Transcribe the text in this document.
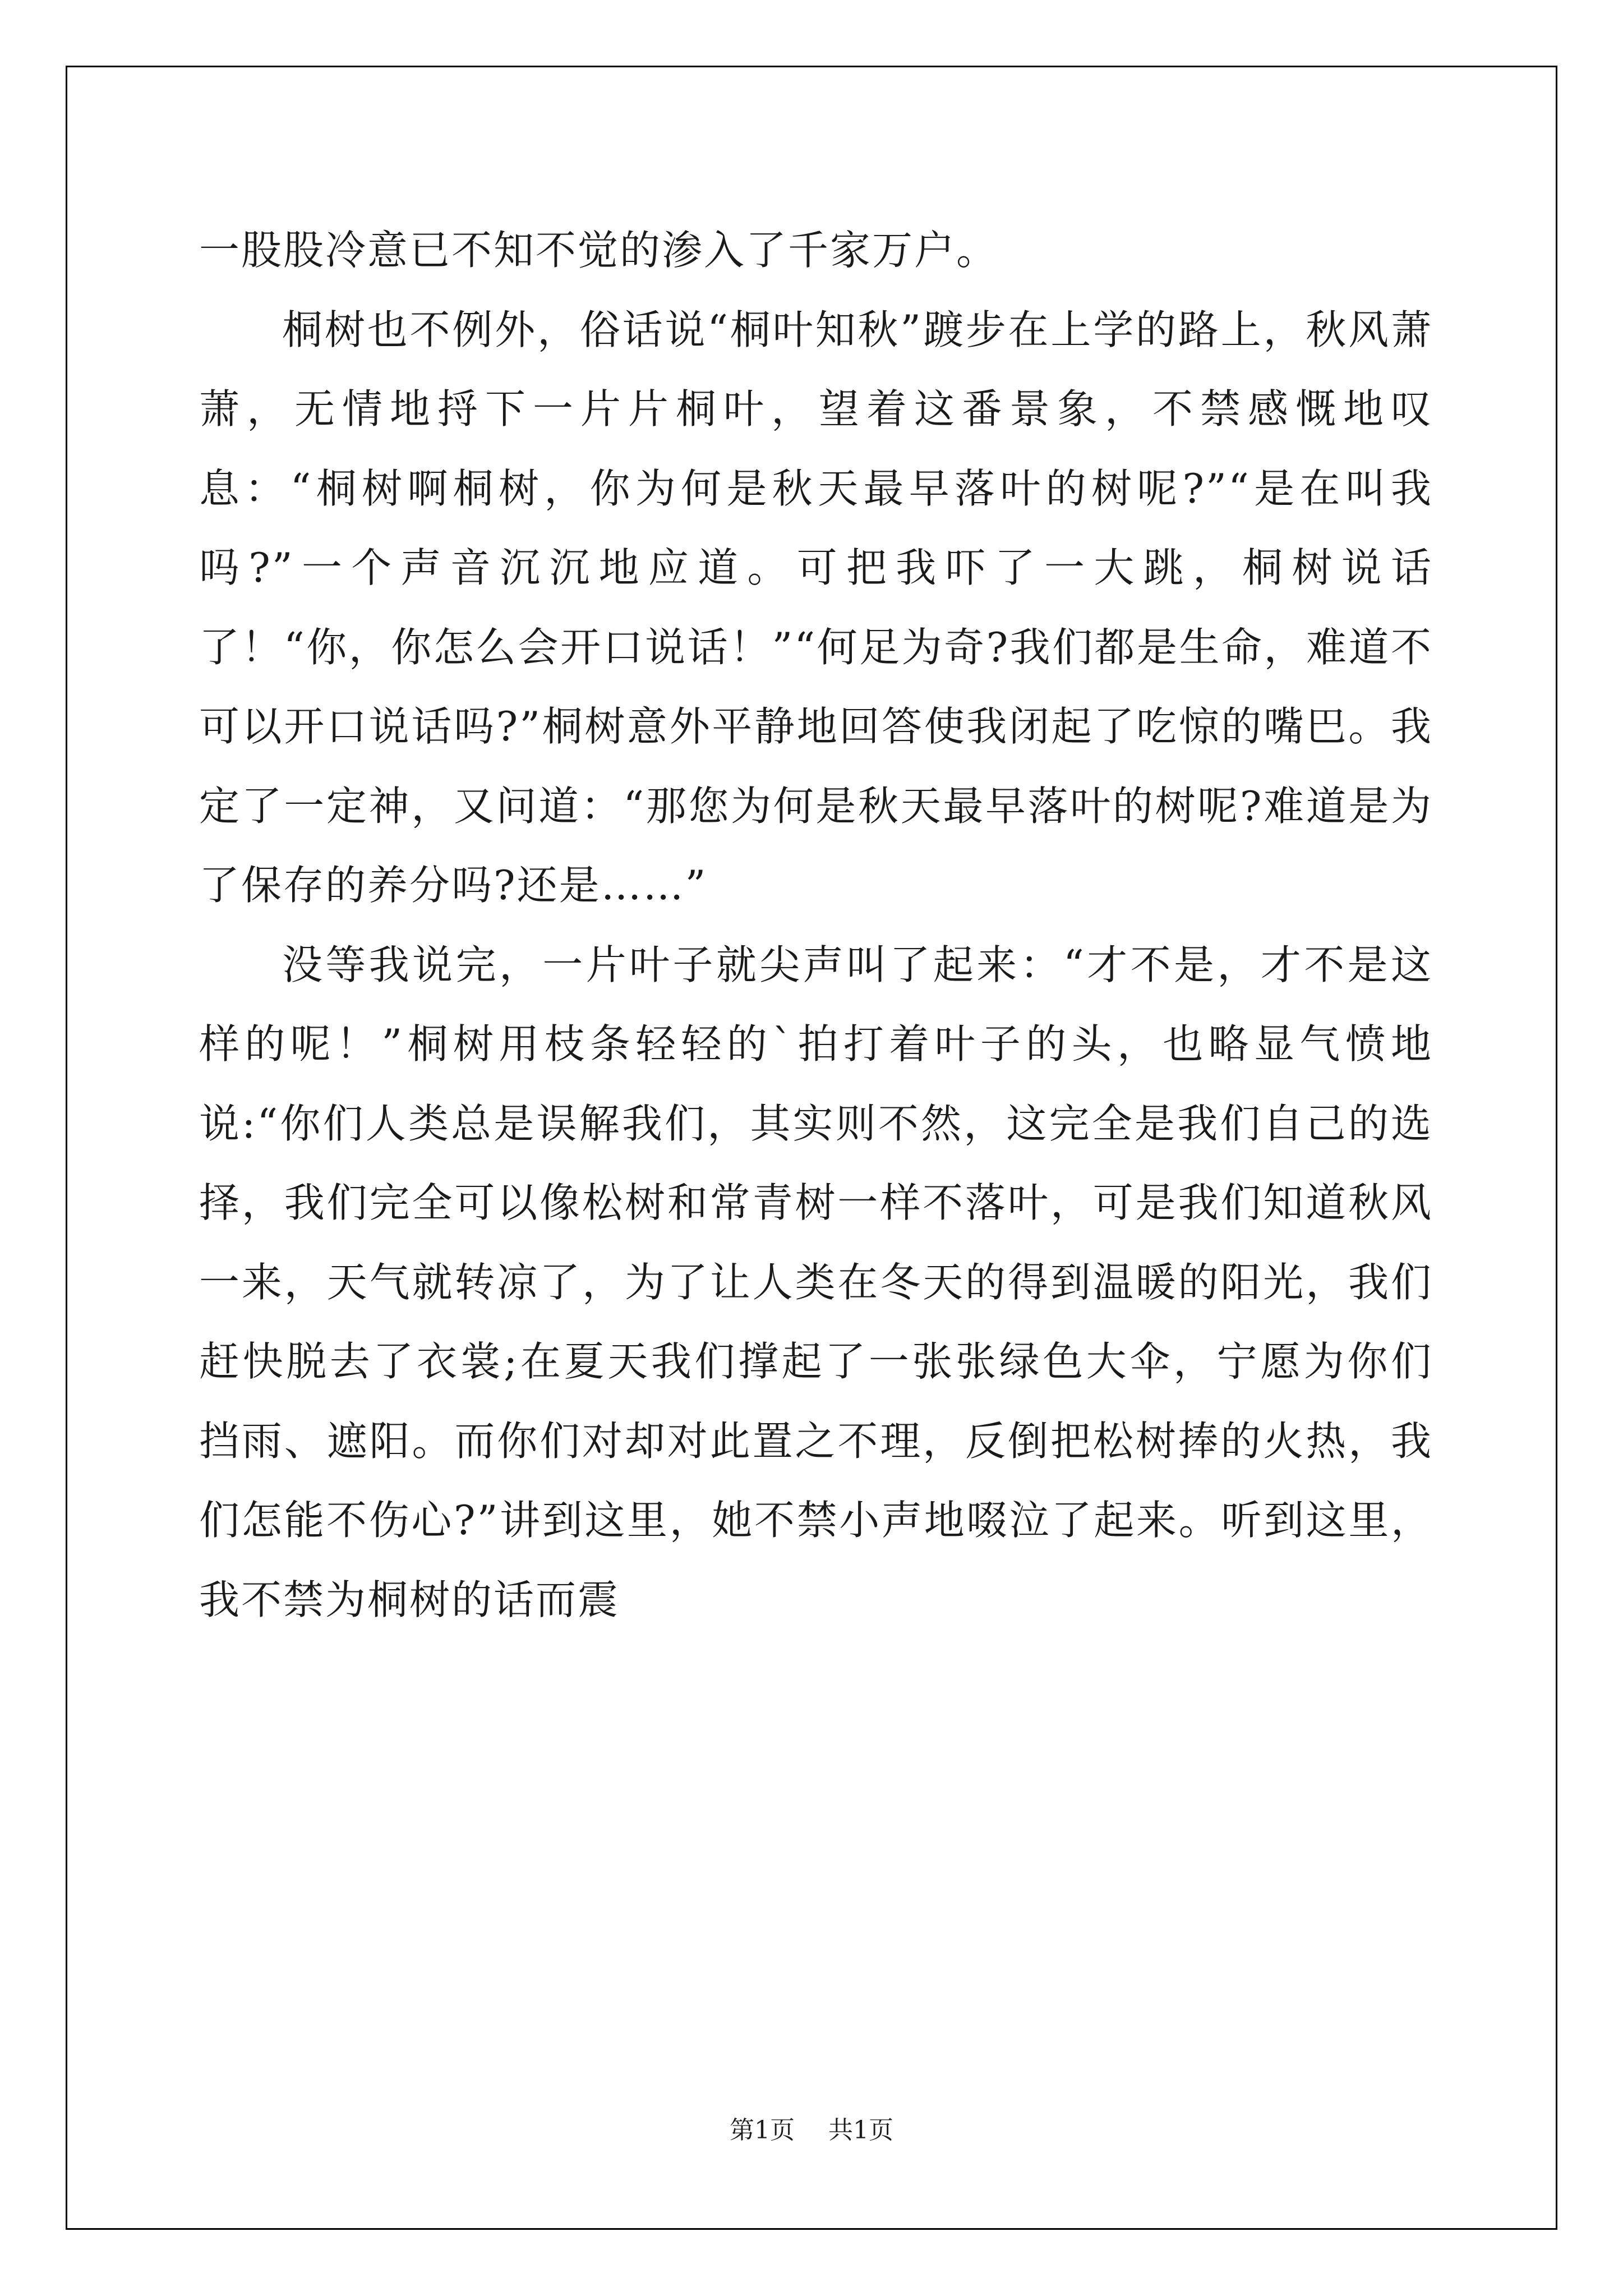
一股股冷意已不知不觉的渗入了千家万户。

桐树也不例外，俗话说“桐叶知秋”踱步在上学的路上，秋风萧萧，无情地捋下一片片桐叶，望着这番景象，不禁感慨地叹息：“桐树啊桐树，你为何是秋天最早落叶的树呢?”“是在叫我吗?”一个声音沉沉地应道。可把我吓了一大跳，桐树说话了！“你，你怎么会开口说话！”“何足为奇?我们都是生命，难道不可以开口说话吗?”桐树意外平静地回答使我闭起了吃惊的嘴巴。我定了一定神，又问道：“那您为何是秋天最早落叶的树呢?难道是为了保存的养分吗?还是……”

没等我说完，一片叶子就尖声叫了起来：“才不是，才不是这样的呢！”桐树用枝条轻轻的`拍打着叶子的头，也略显气愤地说:“你们人类总是误解我们，其实则不然，这完全是我们自己的选择，我们完全可以像松树和常青树一样不落叶，可是我们知道秋风一来，天气就转凉了，为了让人类在冬天的得到温暖的阳光，我们赶快脱去了衣裳;在夏天我们撑起了一张张绿色大伞，宁愿为你们挡雨、遮阳。而你们对却对此置之不理，反倒把松树捧的火热，我们怎能不伤心?”讲到这里，她不禁小声地啜泣了起来。听到这里，我不禁为桐树的话而震

第1页 共1页
